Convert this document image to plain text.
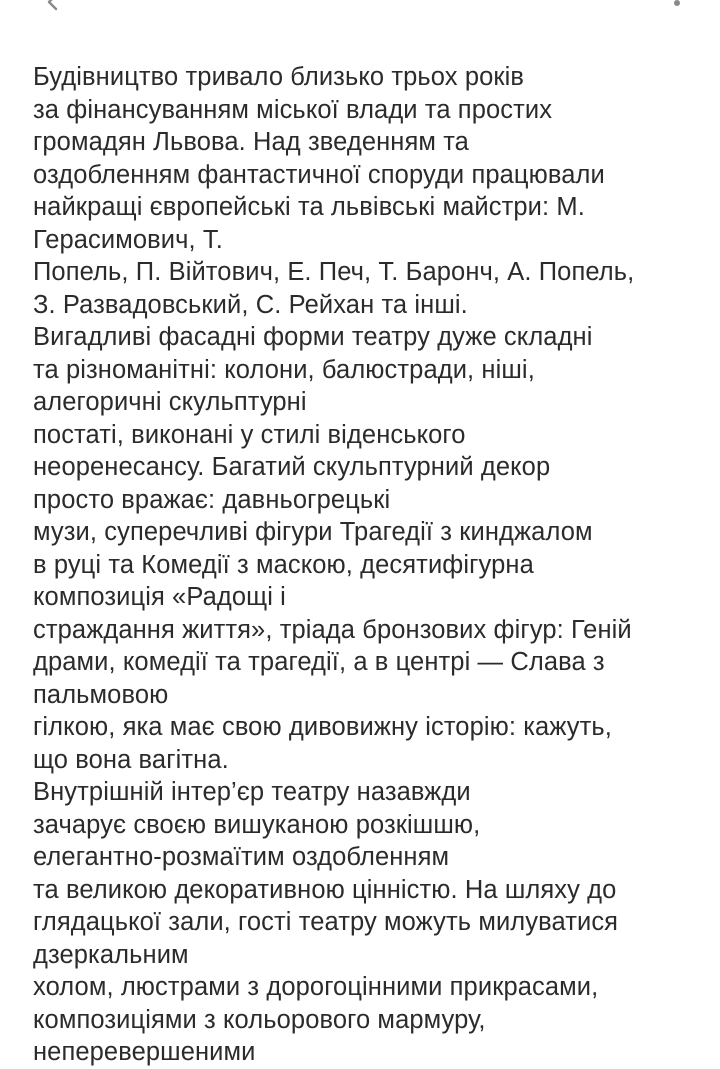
Будівництво тривало близько трьох років
за фінансуванням міської влади та простих
громадян Львова. Над зведенням та
оздобленням фантастичної споруди працювали
найкращі європейські та львівські майстри: М.
Герасимович, Т.
Попель, П. Війтович, Е. Печ, Т. Баронч, А. Попель,
З. Развадовський, С. Рейхан та інші.
Вигадливі фасадні форми театру дуже складні
та різноманітні: колони, балюстради, ніші,
алегоричні скульптурні
постаті, виконані у стилі віденського
неоренесансу. Багатий скульптурний декор
просто вражає: давньогрецькі
музи, суперечливі фігури Трагедії з кинджалом
в руці та Комедії з маскою, десятифігурна
композиція «Радощі і
страждання життя», тріада бронзових фігур: Геній
драми, комедії та трагедії, а в центрі — Слава з
пальмовою
гілкою, яка має свою дивовижну історію: кажуть,
що вона вагітна.
Внутрішній інтер’єр театру назавжди
зачарує своєю вишуканою розкішшю,
елегантно-розмаїтим оздобленням
та великою декоративною цінністю. На шляху до
глядацької зали, гості театру можуть милуватися
дзеркальним
холом, люстрами з дорогоцінними прикрасами,
композиціями з кольорового мармуру,
неперевершеними
